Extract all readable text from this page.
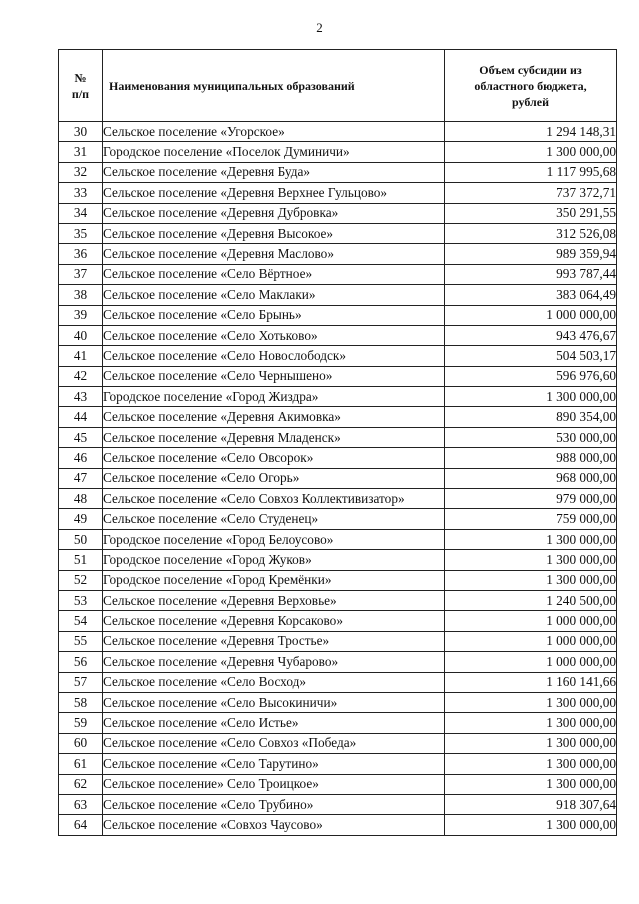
2
№
п/п	Наименования муниципальных образований	Объем субсидии из
областного бюджета,
рублей
30	Сельское поселение «Угорское»	1 294 148,31
31	Городское поселение «Поселок Думиничи»	1 300 000,00
32	Сельское поселение «Деревня Буда»	1 117 995,68
33	Сельское поселение «Деревня Верхнее Гульцово»	737 372,71
34	Сельское поселение «Деревня Дубровка»	350 291,55
35	Сельское поселение «Деревня Высокое»	312 526,08
36	Сельское поселение «Деревня Маслово»	989 359,94
37	Сельское поселение «Село Вёртное»	993 787,44
38	Сельское поселение «Село Маклаки»	383 064,49
39	Сельское поселение «Село Брынь»	1 000 000,00
40	Сельское поселение «Село Хотьково»	943 476,67
41	Сельское поселение «Село Новослободск»	504 503,17
42	Сельское поселение «Село Чернышено»	596 976,60
43	Городское поселение «Город Жиздра»	1 300 000,00
44	Сельское поселение «Деревня Акимовка»	890 354,00
45	Сельское поселение «Деревня Младенск»	530 000,00
46	Сельское поселение «Село Овсорок»	988 000,00
47	Сельское поселение «Село Огорь»	968 000,00
48	Сельское поселение «Село Совхоз Коллективизатор»	979 000,00
49	Сельское поселение «Село Студенец»	759 000,00
50	Городское поселение «Город Белоусово»	1 300 000,00
51	Городское поселение «Город Жуков»	1 300 000,00
52	Городское поселение «Город Кремёнки»	1 300 000,00
53	Сельское поселение «Деревня Верховье»	1 240 500,00
54	Сельское поселение «Деревня Корсаково»	1 000 000,00
55	Сельское поселение «Деревня Тростье»	1 000 000,00
56	Сельское поселение «Деревня Чубарово»	1 000 000,00
57	Сельское поселение «Село Восход»	1 160 141,66
58	Сельское поселение «Село Высокиничи»	1 300 000,00
59	Сельское поселение «Село Истье»	1 300 000,00
60	Сельское поселение «Село Совхоз «Победа»	1 300 000,00
61	Сельское поселение «Село Тарутино»	1 300 000,00
62	Сельское поселение» Село Троицкое»	1 300 000,00
63	Сельское поселение «Село Трубино»	918 307,64
64	Сельское поселение «Совхоз Чаусово»	1 300 000,00
